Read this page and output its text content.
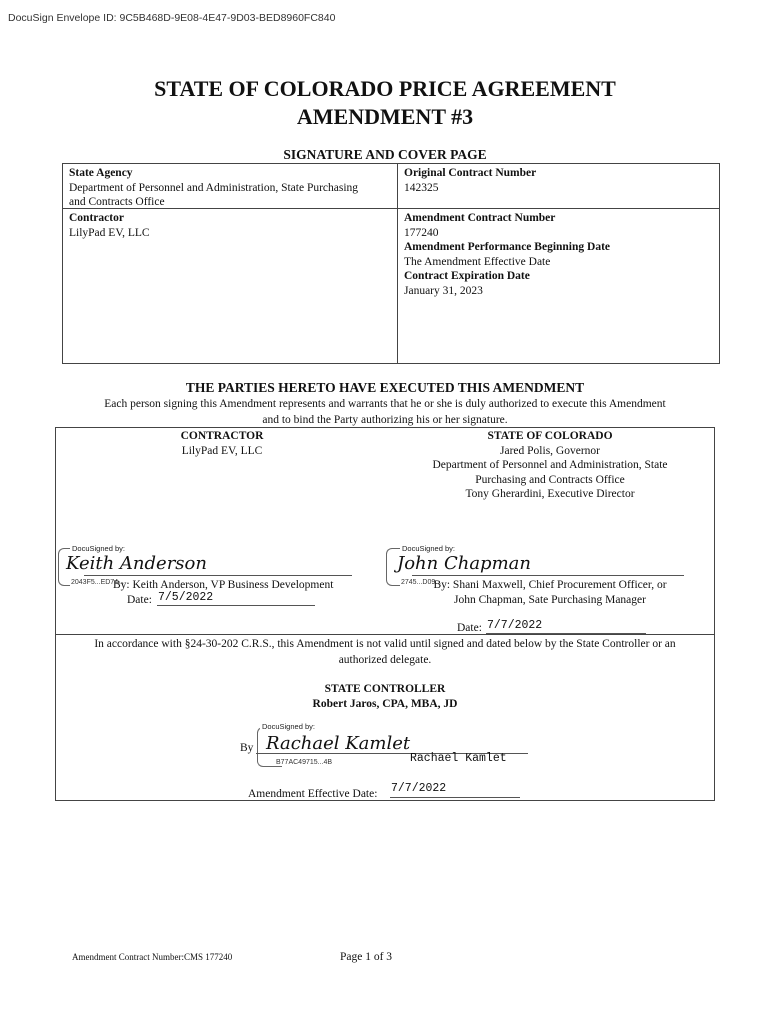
DocuSign Envelope ID: 9C5B468D-9E08-4E47-9D03-BED8960FC840
STATE OF COLORADO PRICE AGREEMENT
AMENDMENT #3
SIGNATURE AND COVER PAGE
State Agency
Department of Personnel and Administration, State Purchasing
and Contracts Office
Original Contract Number
142325
Contractor
LilyPad EV, LLC
Amendment Contract Number
177240
Amendment Performance Beginning Date
The Amendment Effective Date
Contract Expiration Date
January 31, 2023
THE PARTIES HERETO HAVE EXECUTED THIS AMENDMENT
Each person signing this Amendment represents and warrants that he or she is duly authorized to execute this Amendment
and to bind the Party authorizing his or her signature.
CONTRACTOR
LilyPad EV, LLC
DocuSigned by:
Keith Anderson
2043F5...ED74...
By: Keith Anderson, VP Business Development
Date: 7/5/2022
STATE OF COLORADO
Jared Polis, Governor
Department of Personnel and Administration, State
Purchasing and Contracts Office
Tony Gherardini, Executive Director
DocuSigned by:
John Chapman
2745...D09...
By: Shani Maxwell, Chief Procurement Officer, or
John Chapman, Sate Purchasing Manager
Date: 7/7/2022
In accordance with §24-30-202 C.R.S., this Amendment is not valid until signed and dated below by the State Controller or an
authorized delegate.
STATE CONTROLLER
Robert Jaros, CPA, MBA, JD
DocuSigned by:
By Rachael Kamlet
B77AC49715...4B	Rachael Kamlet
Amendment Effective Date: 7/7/2022
Amendment Contract Number:CMS 177240	Page 1 of 3
